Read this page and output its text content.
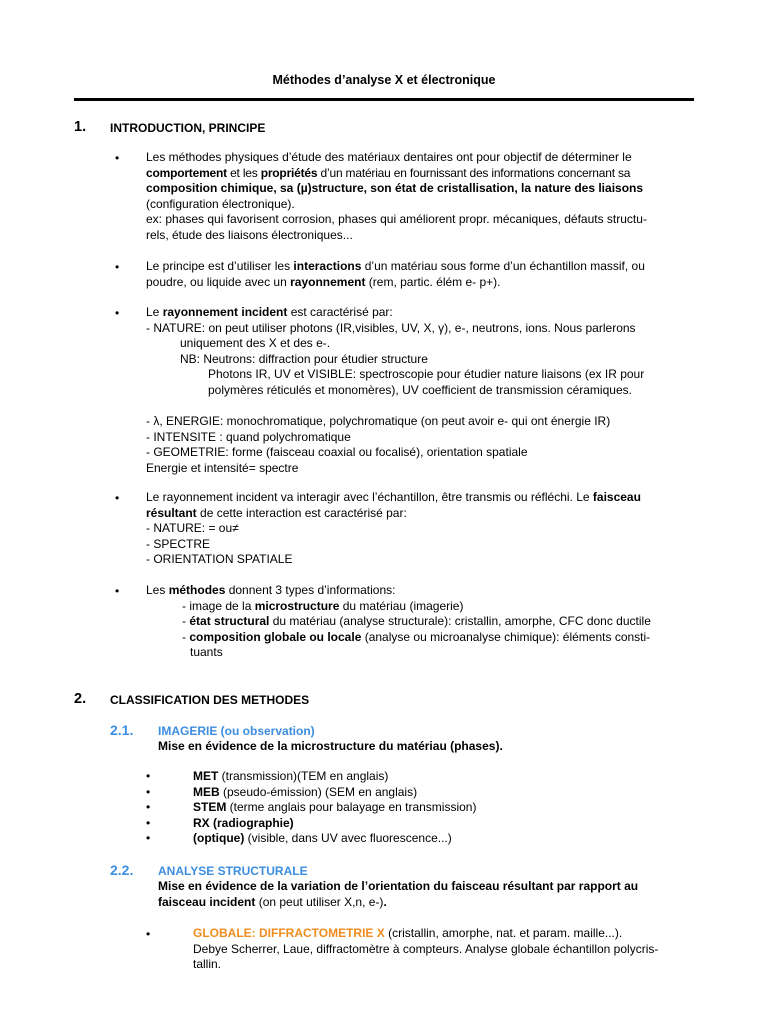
Méthodes d’analyse X et électronique
1. INTRODUCTION, PRINCIPE
• Les méthodes physiques d’étude des matériaux dentaires ont pour objectif de déterminer le
comportement et les propriétés d’un matériau en fournissant des informations concernant sa
composition chimique, sa (µ)structure, son état de cristallisation, la nature des liaisons
(configuration électronique).
ex: phases qui favorisent corrosion, phases qui améliorent propr. mécaniques, défauts structu-
rels, étude des liaisons électroniques...
• Le principe est d’utiliser les interactions d’un matériau sous forme d’un échantillon massif, ou
poudre, ou liquide avec un rayonnement (rem, partic. élém e- p+).
• Le rayonnement incident est caractérisé par:
- NATURE: on peut utiliser photons (IR,visibles, UV, X, γ), e-, neutrons, ions. Nous parlerons
uniquement des X et des e-.
NB: Neutrons: diffraction pour étudier structure
Photons IR, UV et VISIBLE: spectroscopie pour étudier nature liaisons (ex IR pour
polymères réticulés et monomères), UV coefficient de transmission céramiques.
- λ, ENERGIE: monochromatique, polychromatique (on peut avoir e- qui ont énergie IR)
- INTENSITE : quand polychromatique
- GEOMETRIE: forme (faisceau coaxial ou focalisé), orientation spatiale
Energie et intensité= spectre
• Le rayonnement incident va interagir avec l’échantillon, être transmis ou réfléchi. Le faisceau
résultant de cette interaction est caractérisé par:
- NATURE: = ou≠
- SPECTRE
- ORIENTATION SPATIALE
• Les méthodes donnent 3 types d’informations:
- image de la microstructure du matériau (imagerie)
- état structural du matériau (analyse structurale): cristallin, amorphe, CFC donc ductile
- composition globale ou locale (analyse ou microanalyse chimique): éléments consti-
tuants
2. CLASSIFICATION DES METHODES
2.1. IMAGERIE (ou observation)
Mise en évidence de la microstructure du matériau (phases).
•	MET (transmission)(TEM en anglais)
•	MEB (pseudo-émission) (SEM en anglais)
•	STEM (terme anglais pour balayage en transmission)
•	RX (radiographie)
•	(optique) (visible, dans UV avec fluorescence...)
2.2. ANALYSE STRUCTURALE
Mise en évidence de la variation de l’orientation du faisceau résultant par rapport au
faisceau incident (on peut utiliser X,n, e-).
•	GLOBALE: DIFFRACTOMETRIE X (cristallin, amorphe, nat. et param. maille...).
Debye Scherrer, Laue, diffractomètre à compteurs. Analyse globale échantillon polycris-
tallin.
